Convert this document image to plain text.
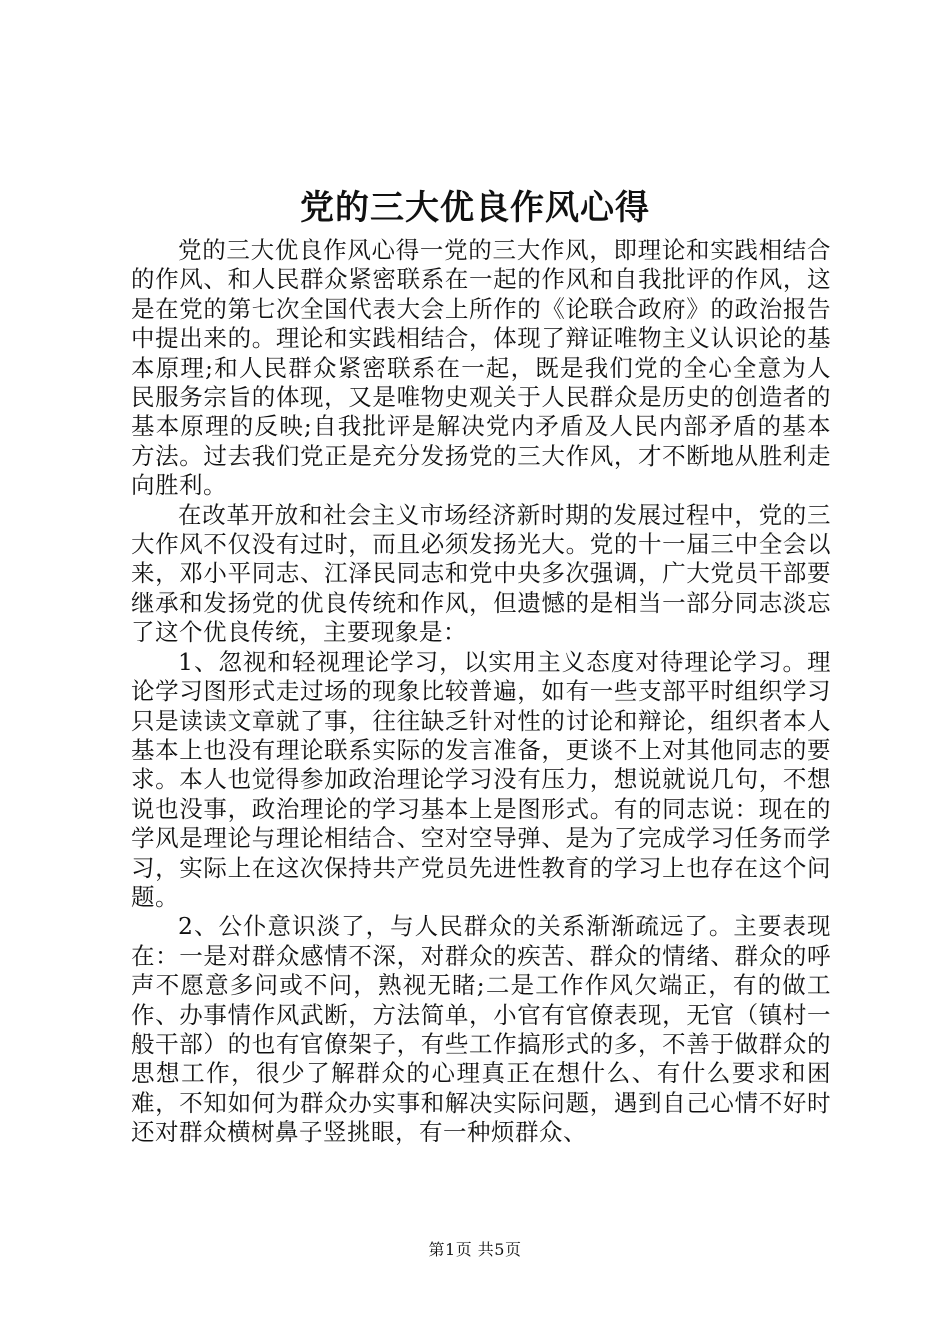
党的三大优良作风心得

党的三大优良作风心得一党的三大作风，即理论和实践相结合的作风、和人民群众紧密联系在一起的作风和自我批评的作风，这是在党的第七次全国代表大会上所作的《论联合政府》的政治报告中提出来的。理论和实践相结合，体现了辩证唯物主义认识论的基本原理;和人民群众紧密联系在一起，既是我们党的全心全意为人民服务宗旨的体现，又是唯物史观关于人民群众是历史的创造者的基本原理的反映;自我批评是解决党内矛盾及人民内部矛盾的基本方法。过去我们党正是充分发扬党的三大作风，才不断地从胜利走向胜利。

在改革开放和社会主义市场经济新时期的发展过程中，党的三大作风不仅没有过时，而且必须发扬光大。党的十一届三中全会以来，邓小平同志、江泽民同志和党中央多次强调，广大党员干部要继承和发扬党的优良传统和作风，但遗憾的是相当一部分同志淡忘了这个优良传统，主要现象是：

1、忽视和轻视理论学习，以实用主义态度对待理论学习。理论学习图形式走过场的现象比较普遍，如有一些支部平时组织学习只是读读文章就了事，往往缺乏针对性的讨论和辩论，组织者本人基本上也没有理论联系实际的发言准备，更谈不上对其他同志的要求。本人也觉得参加政治理论学习没有压力，想说就说几句，不想说也没事，政治理论的学习基本上是图形式。有的同志说：现在的学风是理论与理论相结合、空对空导弹、是为了完成学习任务而学习，实际上在这次保持共产党员先进性教育的学习上也存在这个问题。

2、公仆意识淡了，与人民群众的关系渐渐疏远了。主要表现在：一是对群众感情不深，对群众的疾苦、群众的情绪、群众的呼声不愿意多问或不问，熟视无睹;二是工作作风欠端正，有的做工作、办事情作风武断，方法简单，小官有官僚表现，无官（镇村一般干部）的也有官僚架子，有些工作搞形式的多，不善于做群众的思想工作，很少了解群众的心理真正在想什么、有什么要求和困难，不知如何为群众办实事和解决实际问题，遇到自己心情不好时还对群众横树鼻子竖挑眼，有一种烦群众、

第1页 共5页
